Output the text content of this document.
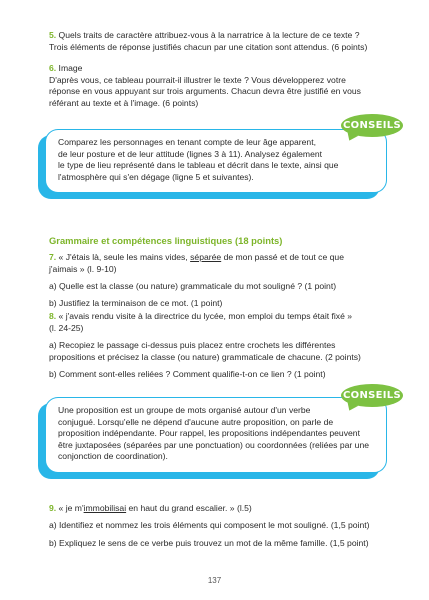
5. Quels traits de caractère attribuez-vous à la narratrice à la lecture de ce texte ?
Trois éléments de réponse justifiés chacun par une citation sont attendus. (6 points)
6. Image
D'après vous, ce tableau pourrait-il illustrer le texte ? Vous développerez votre
réponse en vous appuyant sur trois arguments. Chacun devra être justifié en vous
référant au texte et à l'image. (6 points)

Comparez les personnages en tenant compte de leur âge apparent,

de leur posture et de leur attitude (lignes 3 à 11). Analysez également

le type de lieu représenté dans le tableau et décrit dans le texte, ainsi que

l'atmosphère qui s'en dégage (ligne 5 et suivantes).

CONSEILS
Grammaire et compétences linguistiques (18 points)
7. « J'étais là, seule les mains vides, séparée de mon passé et de tout ce que
j'aimais » (l. 9-10)
a) Quelle est la classe (ou nature) grammaticale du mot souligné ? (1 point)
b) Justifiez la terminaison de ce mot. (1 point)
8. « j'avais rendu visite à la directrice du lycée, mon emploi du temps était fixé »
(l. 24-25)
a) Recopiez le passage ci-dessus puis placez entre crochets les différentes
propositions et précisez la classe (ou nature) grammaticale de chacune. (2 points)
b) Comment sont-elles reliées ? Comment qualifie-t-on ce lien ? (1 point)

Une proposition est un groupe de mots organisé autour d'un verbe

conjugué. Lorsqu'elle ne dépend d'aucune autre proposition, on parle de

proposition indépendante. Pour rappel, les propositions indépendantes peuvent

être juxtaposées (séparées par une ponctuation) ou coordonnées (reliées par une

conjonction de coordination).

CONSEILS
9. « je m'immobilisai en haut du grand escalier. » (l.5)
a) Identifiez et nommez les trois éléments qui composent le mot souligné. (1,5 point)
b) Expliquez le sens de ce verbe puis trouvez un mot de la même famille. (1,5 point)
137
